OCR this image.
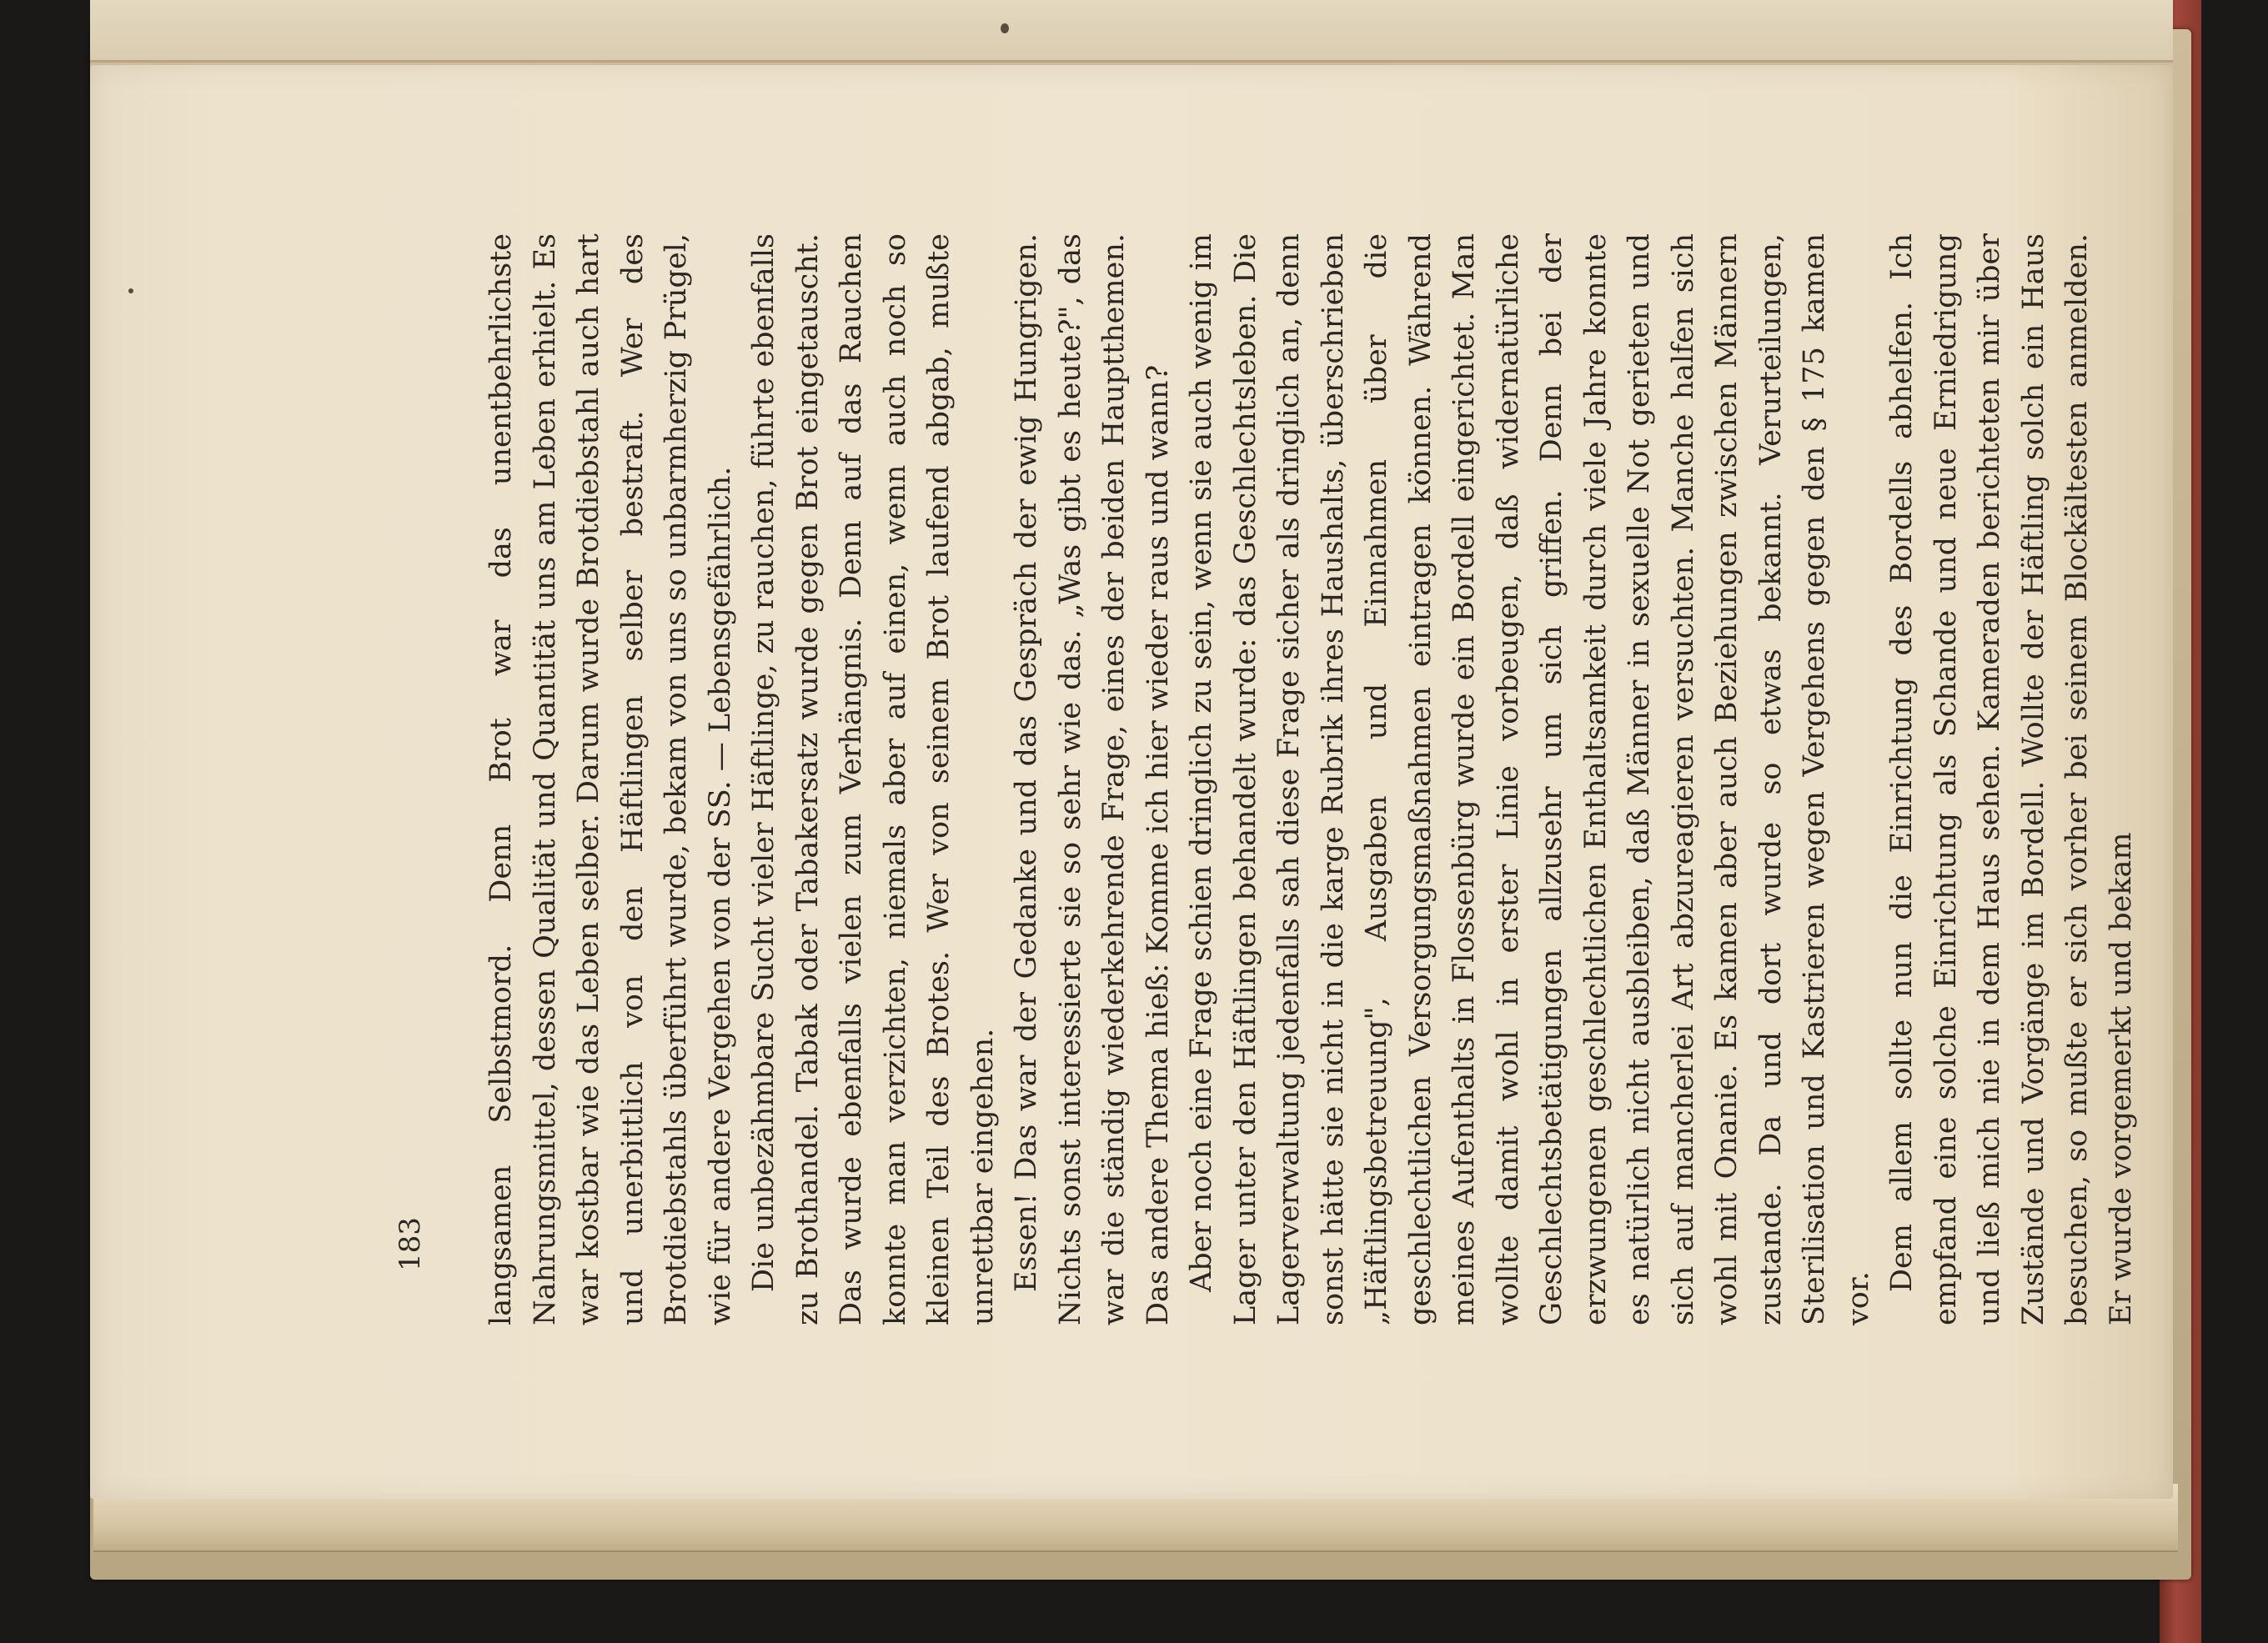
langsamen Selbstmord. Denn Brot war das unentbehrlichste Nahrungsmittel, dessen Qualität und Quantität uns am Leben erhielt. Es war kostbar wie das Leben selber. Darum wurde Brotdiebstahl auch hart und unerbittlich von den Häftlingen selber bestraft. Wer des Brotdiebstahls überführt wurde, bekam von uns so unbarmherzig Prügel, wie für andere Vergehen von der SS. — Lebensgefährlich. Die unbezähmbare Sucht vieler Häftlinge, zu rauchen, führte ebenfalls zu Brothandel. Tabak oder Tabakersatz wurde gegen Brot eingetauscht. Das wurde ebenfalls vielen zum Verhängnis. Denn auf das Rauchen konnte man verzichten, niemals aber auf einen, wenn auch noch so kleinen Teil des Brotes. Wer von seinem Brot laufend abgab, mußte unrettbar eingehen. Essen! Das war der Gedanke und das Gespräch der ewig Hungrigen. Nichts sonst interessierte sie so sehr wie das. „Was gibt es heute?", das war die ständig wiederkehrende Frage, eines der beiden Hauptthemen. Das andere Thema hieß: Komme ich hier wieder raus und wann? Aber noch eine Frage schien dringlich zu sein, wenn sie auch wenig im Lager unter den Häftlingen behandelt wurde: das Geschlechtsleben. Die Lagerverwaltung jedenfalls sah diese Frage sicher als dringlich an, denn sonst hätte sie nicht in die karge Rubrik ihres Haushalts, überschrieben „Häftlingsbetreuung", Ausgaben und Einnahmen über die geschlechtlichen Versorgungsmaßnahmen eintragen können. Während meines Aufenthalts in Flossenbürg wurde ein Bordell eingerichtet. Man wollte damit wohl in erster Linie vorbeugen, daß widernatürliche Geschlechtsbetätigungen allzusehr um sich griffen. Denn bei der erzwungenen geschlechtlichen Enthaltsamkeit durch viele Jahre konnte es natürlich nicht ausbleiben, daß Männer in sexuelle Not gerieten und sich auf mancherlei Art abzureagieren versuchten. Manche halfen sich wohl mit Onanie. Es kamen aber auch Beziehungen zwischen Männern zustande. Da und dort wurde so etwas bekannt. Verurteilungen, Sterilisation und Kastrieren wegen Vergehens gegen den § 175 kamen vor.

Dem allem sollte nun die Einrichtung des Bordells abhelfen. Ich empfand eine solche Einrichtung als Schande und neue Erniedrigung und ließ mich nie in dem Haus sehen. Kameraden berichteten mir über Zustände und Vorgänge im Bordell. Wollte der Häftling solch ein Haus besuchen, so mußte er sich vorher bei seinem Blockältesten anmelden. Er wurde vorgemerkt und bekam

183
